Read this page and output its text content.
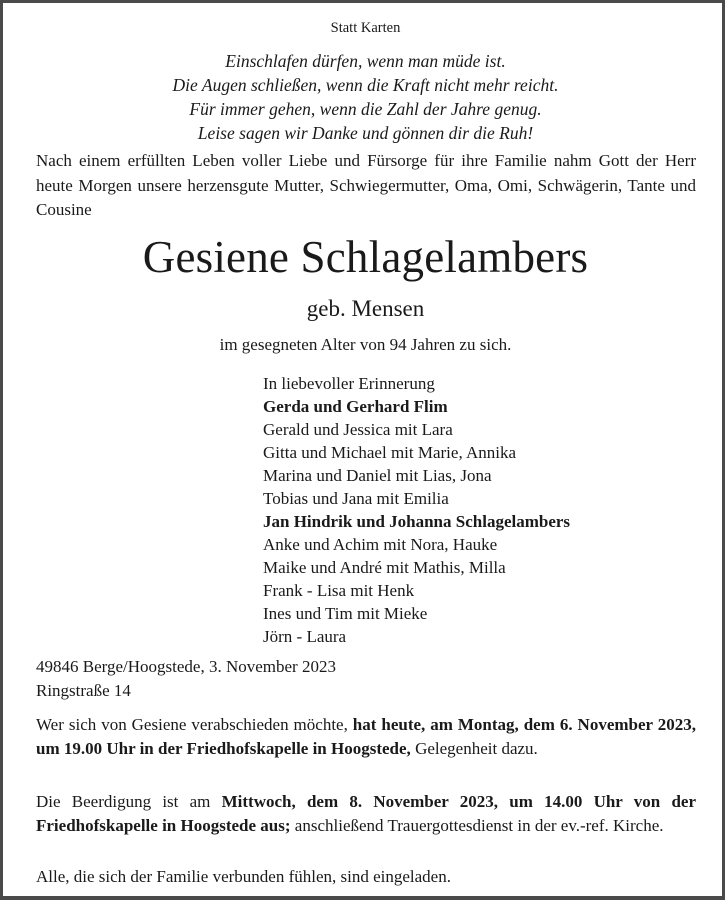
Statt Karten
Einschlafen dürfen, wenn man müde ist.
Die Augen schließen, wenn die Kraft nicht mehr reicht.
Für immer gehen, wenn die Zahl der Jahre genug.
Leise sagen wir Danke und gönnen dir die Ruh!
Nach einem erfüllten Leben voller Liebe und Fürsorge für ihre Familie nahm Gott der Herr heute Morgen unsere herzensgute Mutter, Schwiegermutter, Oma, Omi, Schwägerin, Tante und Cousine
Gesiene Schlagelambers
geb. Mensen
im gesegneten Alter von 94 Jahren zu sich.
In liebevoller Erinnerung
Gerda und Gerhard Flim
Gerald und Jessica mit Lara
Gitta und Michael mit Marie, Annika
Marina und Daniel mit Lias, Jona
Tobias und Jana mit Emilia
Jan Hindrik und Johanna Schlagelambers
Anke und Achim mit Nora, Hauke
Maike und André mit Mathis, Milla
Frank - Lisa mit Henk
Ines und Tim mit Mieke
Jörn - Laura
49846 Berge/Hoogstede, 3. November 2023
Ringstraße 14
Wer sich von Gesiene verabschieden möchte, hat heute, am Montag, dem 6. November 2023, um 19.00 Uhr in der Friedhofskapelle in Hoogstede, Gelegenheit dazu.
Die Beerdigung ist am Mittwoch, dem 8. November 2023, um 14.00 Uhr von der Friedhofskapelle in Hoogstede aus; anschließend Trauergottesdienst in der ev.-ref. Kirche.
Alle, die sich der Familie verbunden fühlen, sind eingeladen.
